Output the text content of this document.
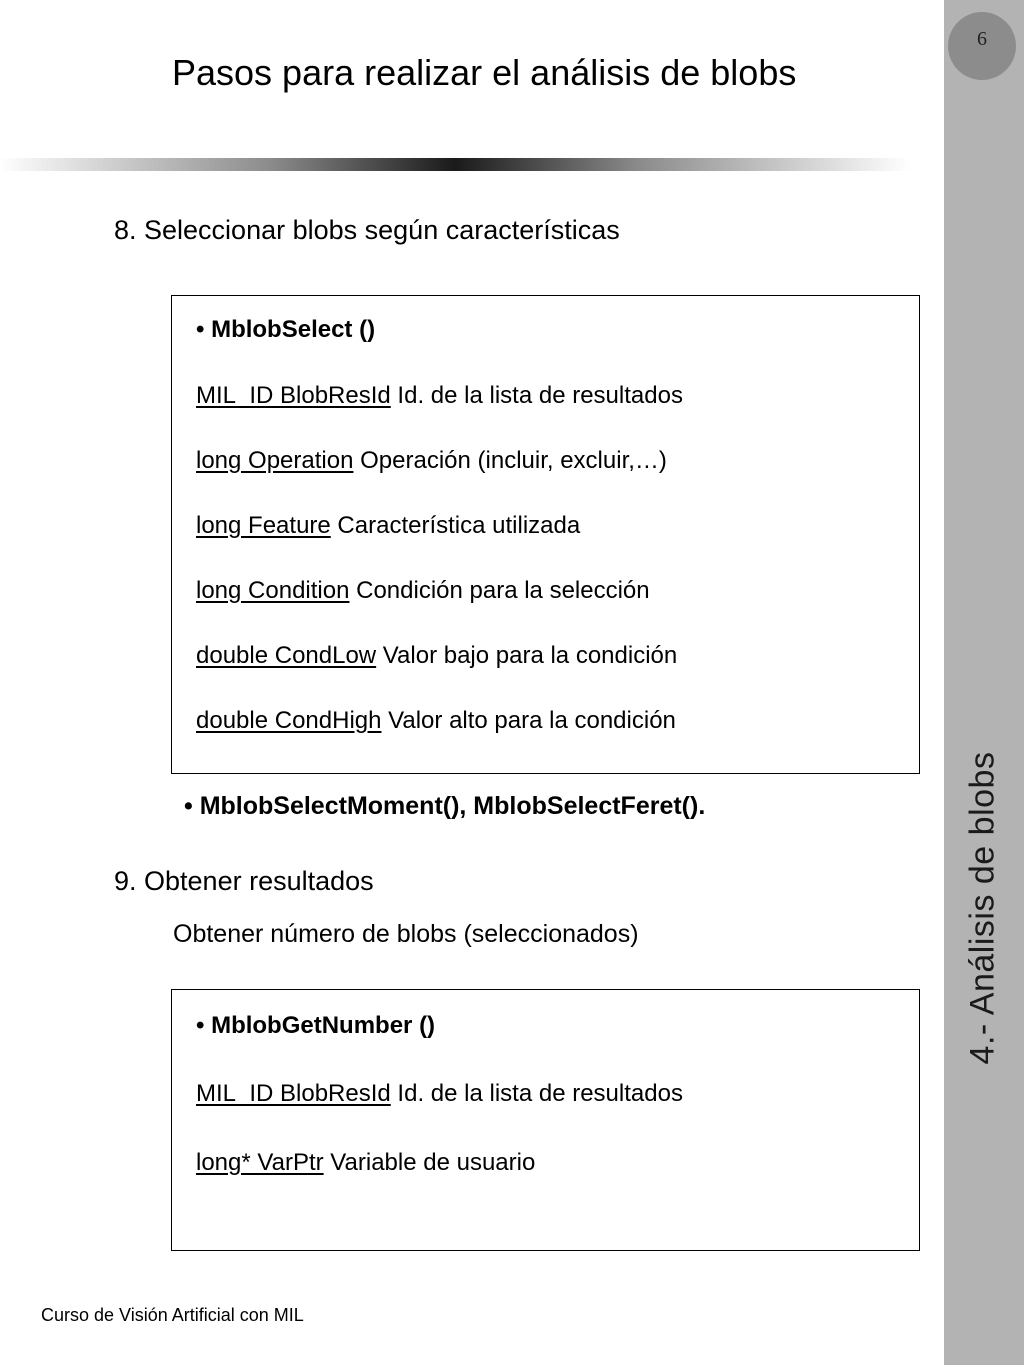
6
4.- Análisis de blobs
Pasos para realizar el análisis de blobs
8. Seleccionar blobs según características
• MblobSelect ()
MIL_ID BlobResId Id. de la lista de resultados
long Operation Operación (incluir, excluir,…)
long Feature Característica utilizada
long Condition Condición para la selección
double CondLow Valor bajo para la condición
double CondHigh Valor alto para la condición
• MblobSelectMoment(), MblobSelectFeret().
9. Obtener resultados
Obtener número de blobs (seleccionados)
• MblobGetNumber ()
MIL_ID BlobResId Id. de la lista de resultados
long* VarPtr Variable de usuario
Curso de Visión Artificial con MIL
